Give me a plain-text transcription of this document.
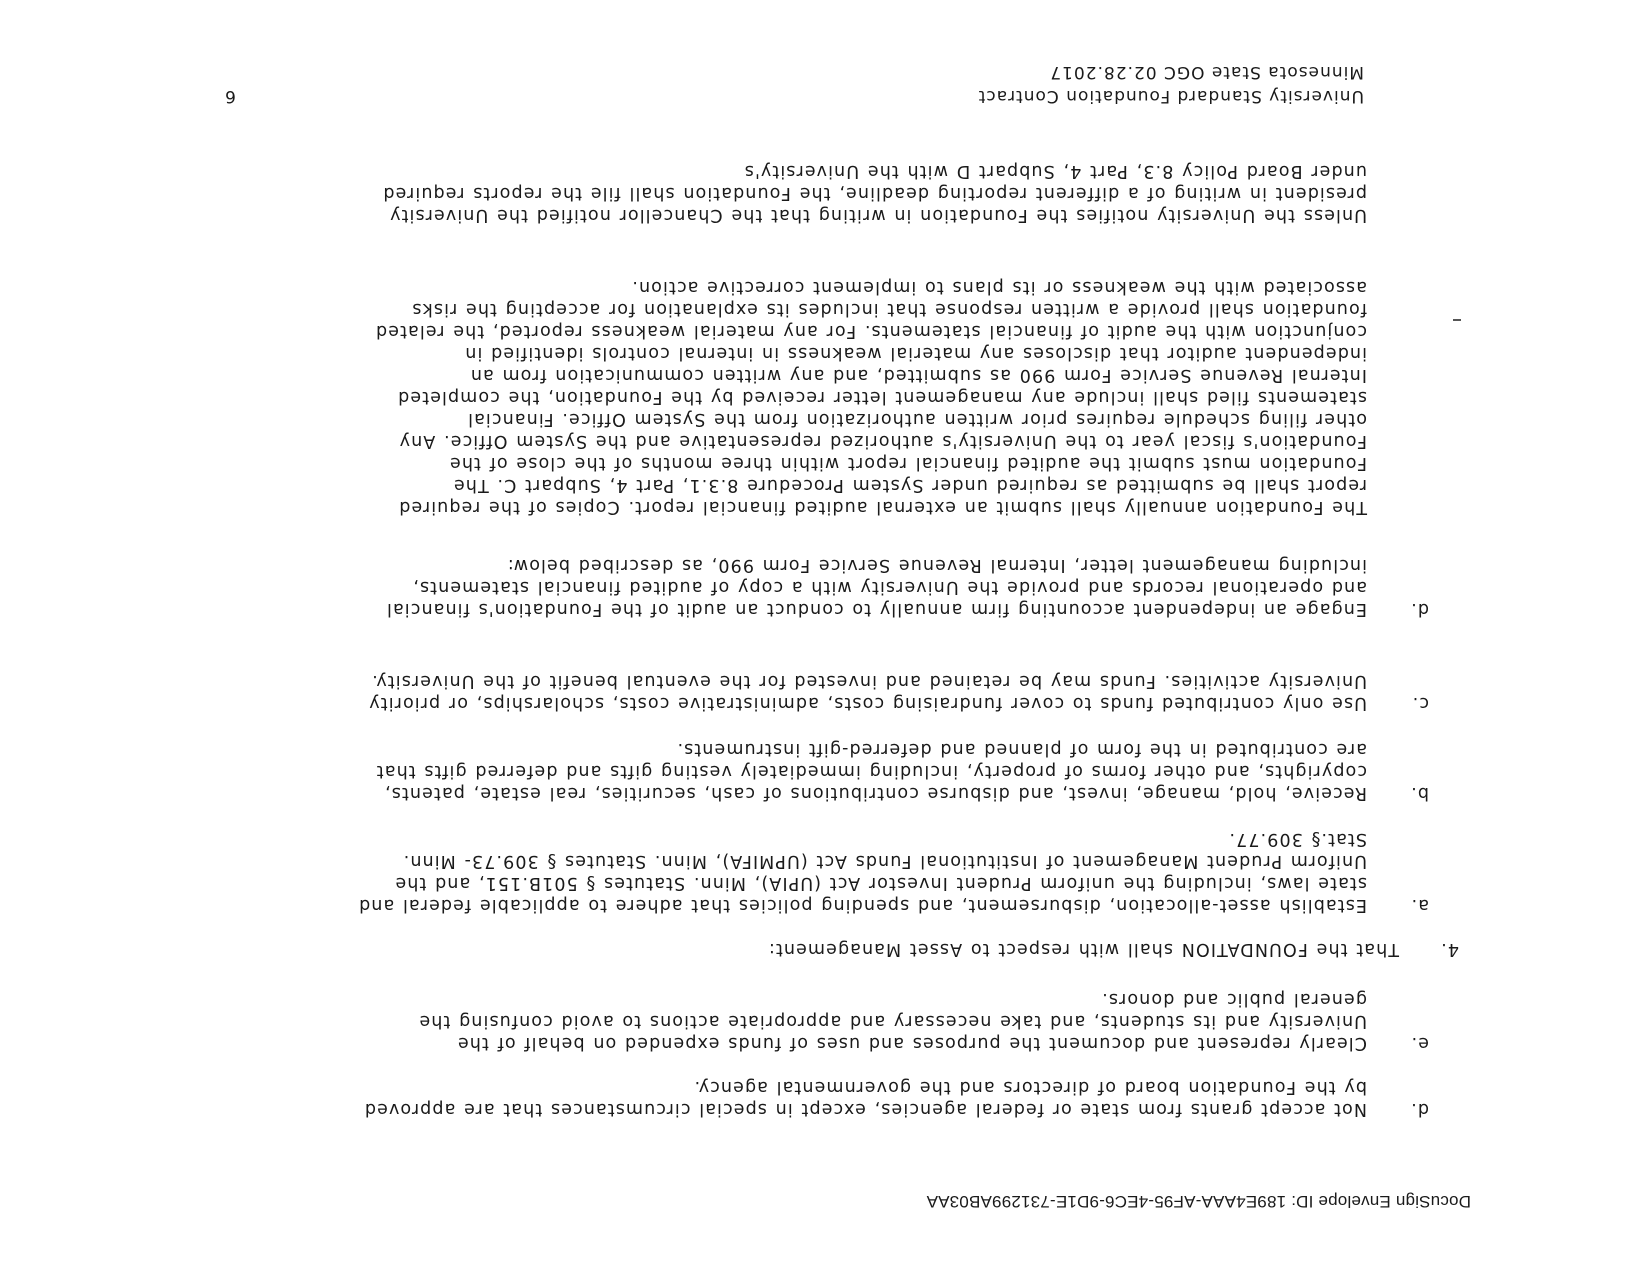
DocuSign Envelope ID: 189E4AAA-AF95-4EC6-9D1E-731299AB03AA
d.
Not accept grants from state or federal agencies, except in special circumstances that are approved by the Foundation board of directors and the governmental agency.
e.
Clearly represent and document the purposes and uses of funds expended on behalf of the University and its students, and take necessary and appropriate actions to avoid confusing the general public and donors.
4.
That the FOUNDATION shall with respect to Asset Management:
a.
Establish asset-allocation, disbursement, and spending policies that adhere to applicable federal and state laws, including the uniform Prudent Investor Act (UPIA), Minn. Statutes § 501B.151, and the Uniform Prudent Management of Institutional Funds Act (UPMIFA), Minn. Statutes § 309.73- Minn. Stat.§ 309.77.
b.
Receive, hold, manage, invest, and disburse contributions of cash, securities, real estate, patents, copyrights, and other forms of property, including immediately vesting gifts and deferred gifts that are contributed in the form of planned and deferred-gift instruments.
c.
Use only contributed funds to cover fundraising costs, administrative costs, scholarships, or priority University activities. Funds may be retained and invested for the eventual benefit of the University.
d.
Engage an independent accounting firm annually to conduct an audit of the Foundation's financial and operational records and provide the University with a copy of audited financial statements, including management letter, Internal Revenue Service Form 990, as described below:
The Foundation annually shall submit an external audited financial report. Copies of the required report shall be submitted as required under System Procedure 8.3.1, Part 4, Subpart C. The Foundation must submit the audited financial report within three months of the close of the Foundation's fiscal year to the University's authorized representative and the System Office. Any other filing schedule requires prior written authorization from the System Office. Financial statements filed shall include any management letter received by the Foundation, the completed Internal Revenue Service Form 990 as submitted, and any written communication from an independent auditor that discloses any material weakness in internal controls identified in conjunction with the audit of financial statements. For any material weakness reported, the related foundation shall provide a written response that includes its explanation for accepting the risks associated with the weakness or its plans to implement corrective action.
Unless the University notifies the Foundation in writing that the Chancellor notified the University president in writing of a different reporting deadline, the Foundation shall file the reports required under Board Policy 8.3, Part 4, Subpart D with the University's
University Standard Foundation Contract
Minnesota State OGC 02.28.2017
6
